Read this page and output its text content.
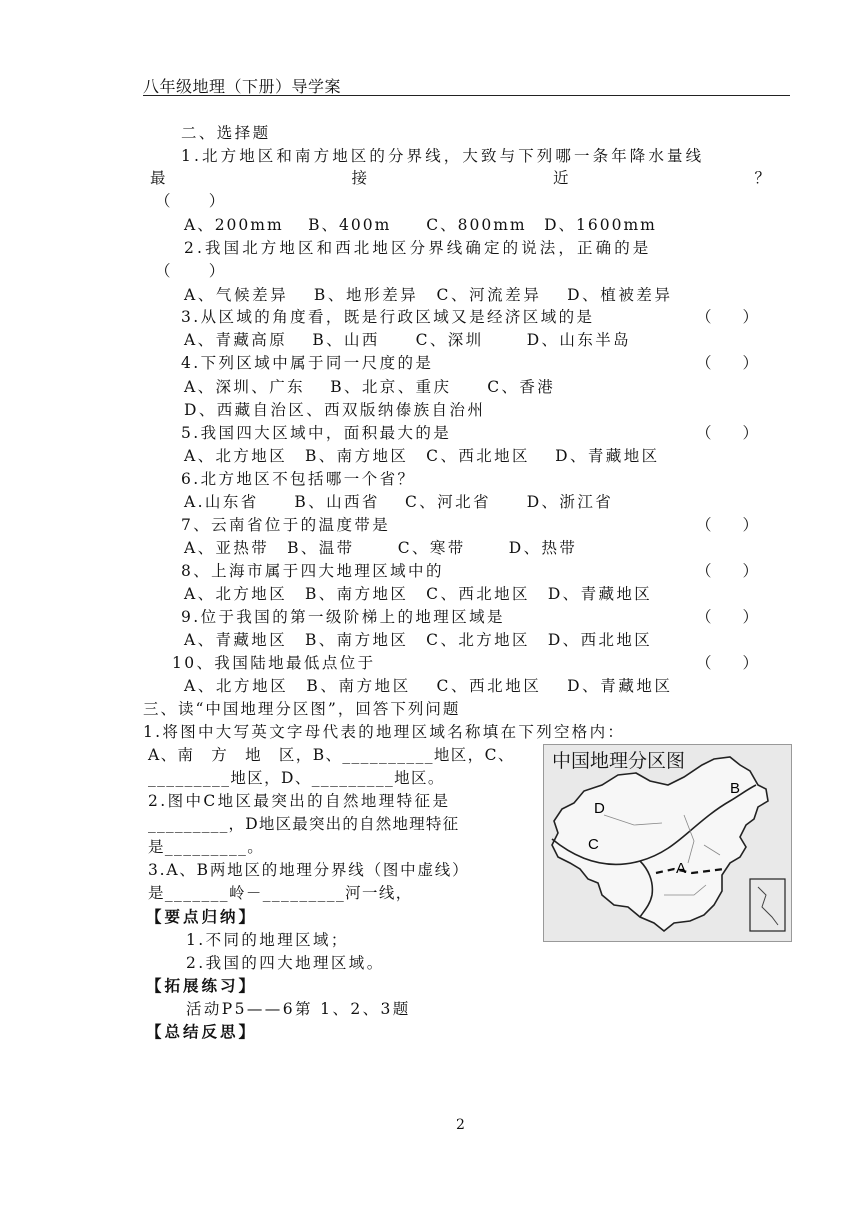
八年级地理（下册）导学案
二、选择题
1.北方地区和南方地区的分界线，大致与下列哪一条年降水量线
最	接	近	？
（　　）
A、200mm　 B、400m　　C、800mm　D、1600mm
2.我国北方地区和西北地区分界线确定的说法，正确的是
（　　）
A、气候差异　 B、地形差异　C、河流差异　 D、植被差异
3.从区域的角度看，既是行政区域又是经济区域的是	（　　）
A、青藏高原　 B、山西　　C、深圳　　 D、山东半岛
4.下列区域中属于同一尺度的是	（　　）
A、深圳、广东　 B、北京、重庆　　C、香港
D、西藏自治区、西双版纳傣族自治州
5.我国四大区域中，面积最大的是	（　　）
A、北方地区　B、南方地区　C、西北地区　 D、青藏地区
6.北方地区不包括哪一个省？
A.山东省　　B、山西省　 C、河北省　　D、浙江省
7、云南省位于的温度带是	（　　）
A、亚热带　B、温带　　 C、寒带　　 D、热带
8、上海市属于四大地理区域中的	（　　）
A、北方地区　B、南方地区　C、西北地区　D、青藏地区
9.位于我国的第一级阶梯上的地理区域是	（　　）
A、青藏地区　B、南方地区　C、北方地区　D、西北地区
10、我国陆地最低点位于	（　　）
A、北方地区　B、南方地区　 C、西北地区　 D、青藏地区
三、读“中国地理分区图”，回答下列问题
1.将图中大写英文字母代表的地理区域名称填在下列空格内：
A、南　方　地　区，B、__________地区，C、
_________地区，D、_________地区。
2.图中C地区最突出的自然地理特征是
_________，D地区最突出的自然地理特征
是_________。
3.A、B两地区的地理分界线（图中虚线）
是_______岭－_________河一线，
中国地理分区图
B
D
C
A
【要点归纳】
1.不同的地理区域；
2.我国的四大地理区域。
【拓展练习】
活动P5——6第 1、2、3题
【总结反思】
2
